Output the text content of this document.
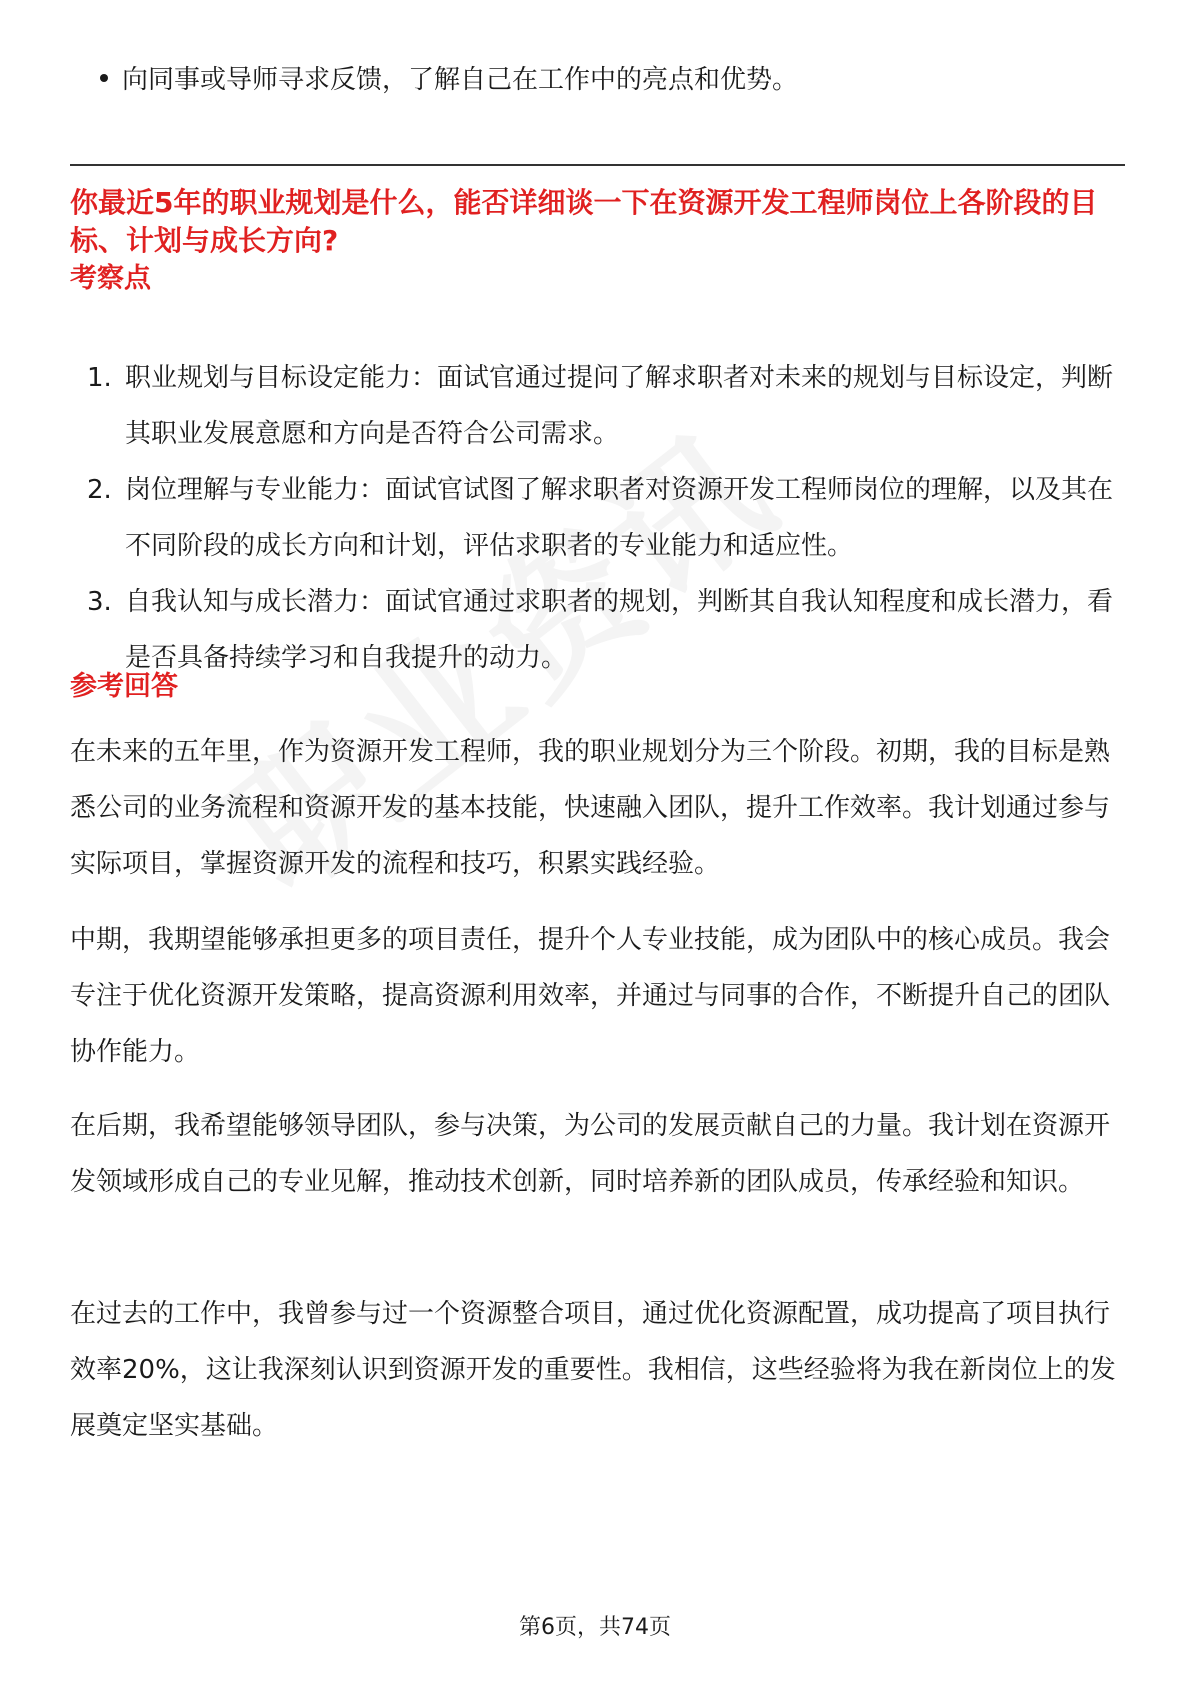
向同事或导师寻求反馈，了解自己在工作中的亮点和优势。
你最近5年的职业规划是什么，能否详细谈一下在资源开发工程师岗位上各阶段的目标、计划与成长方向?
考察点
1. 职业规划与目标设定能力：面试官通过提问了解求职者对未来的规划与目标设定，判断其职业发展意愿和方向是否符合公司需求。
2. 岗位理解与专业能力：面试官试图了解求职者对资源开发工程师岗位的理解，以及其在不同阶段的成长方向和计划，评估求职者的专业能力和适应性。
3. 自我认知与成长潜力：面试官通过求职者的规划，判断其自我认知程度和成长潜力，看是否具备持续学习和自我提升的动力。
参考回答
在未来的五年里，作为资源开发工程师，我的职业规划分为三个阶段。初期，我的目标是熟悉公司的业务流程和资源开发的基本技能，快速融入团队，提升工作效率。我计划通过参与实际项目，掌握资源开发的流程和技巧，积累实践经验。
中期，我期望能够承担更多的项目责任，提升个人专业技能，成为团队中的核心成员。我会专注于优化资源开发策略，提高资源利用效率，并通过与同事的合作，不断提升自己的团队协作能力。
在后期，我希望能够领导团队，参与决策，为公司的发展贡献自己的力量。我计划在资源开发领域形成自己的专业见解，推动技术创新，同时培养新的团队成员，传承经验和知识。
在过去的工作中，我曾参与过一个资源整合项目，通过优化资源配置，成功提高了项目执行效率20%，这让我深刻认识到资源开发的重要性。我相信，这些经验将为我在新岗位上的发展奠定坚实基础。
第6页，共74页
